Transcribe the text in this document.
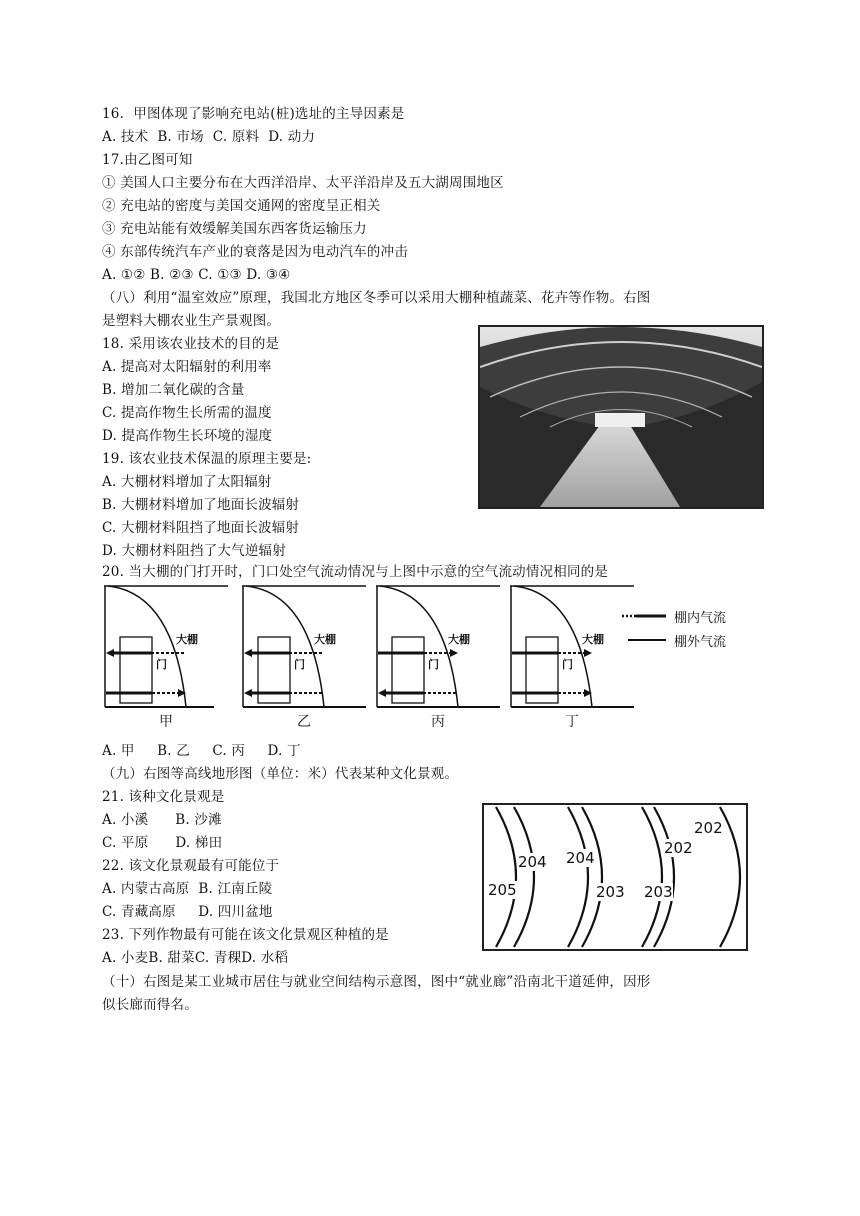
16．甲图体现了影响充电站(桩)选址的主导因素是
A. 技术  B. 市场  C. 原料  D. 动力
17.由乙图可知
① 美国人口主要分布在大西洋沿岸、太平洋沿岸及五大湖周围地区
② 充电站的密度与美国交通网的密度呈正相关
③ 充电站能有效缓解美国东西客货运输压力
④ 东部传统汽车产业的衰落是因为电动汽车的冲击
A. ①② B. ②③ C. ①③ D. ③④
（八）利用“温室效应”原理，我国北方地区冬季可以采用大棚种植蔬菜、花卉等作物。右图
是塑料大棚农业生产景观图。
18. 采用该农业技术的目的是
A. 提高对太阳辐射的利用率
B. 增加二氧化碳的含量
C. 提高作物生长所需的温度
D. 提高作物生长环境的湿度
19. 该农业技术保温的原理主要是:
A. 大棚材料增加了太阳辐射
B. 大棚材料增加了地面长波辐射
C. 大棚材料阻挡了地面长波辐射
D. 大棚材料阻挡了大气逆辐射
20. 当大棚的门打开时，门口处空气流动情况与上图中示意的空气流动情况相同的是
A. 甲     B. 乙     C. 丙     D. 丁
（九）右图等高线地形图（单位：米）代表某种文化景观。
21. 该种文化景观是
A. 小溪      B. 沙滩
C. 平原      D. 梯田
22. 该文化景观最有可能位于
A. 内蒙古高原  B. 江南丘陵
C. 青藏高原     D. 四川盆地
23. 下列作物最有可能在该文化景观区种植的是
A. 小麦B. 甜菜C. 青稞D. 水稻
（十）右图是某工业城市居住与就业空间结构示意图，图中“就业廊”沿南北干道延伸，因形
似长廊而得名。
大棚
门
甲
大棚
门
乙
大棚
门
丙
大棚
门
丁
棚内气流
棚外气流
205
204 204
203 203
202
202
